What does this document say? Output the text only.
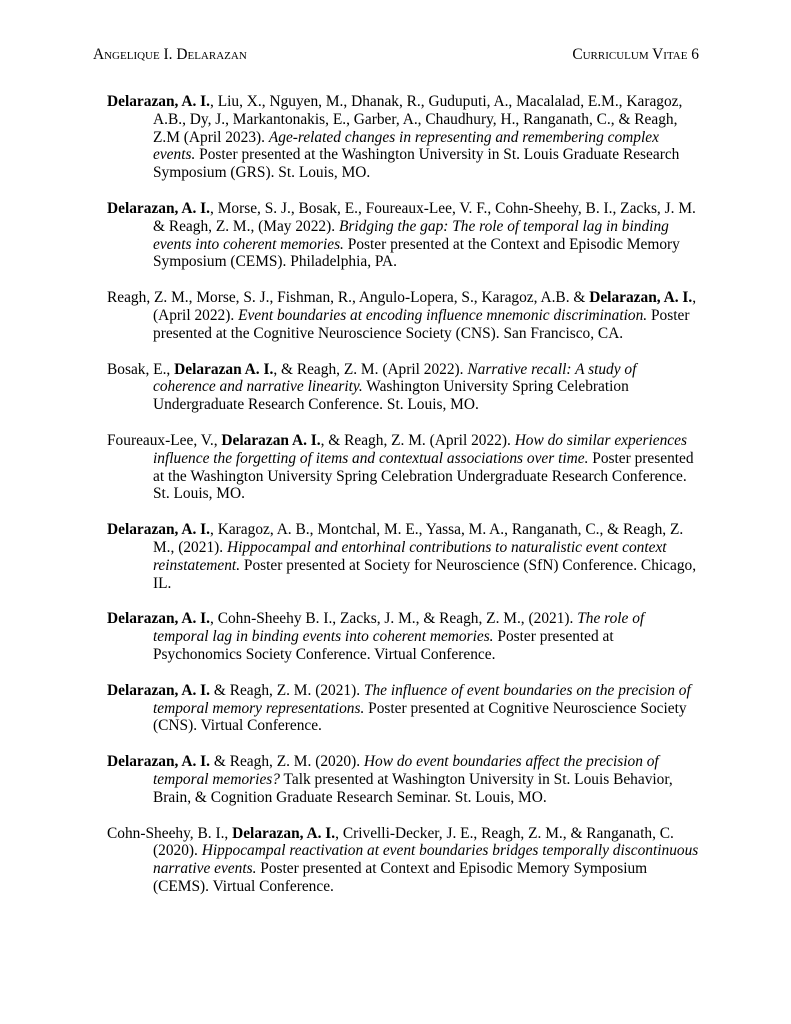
Angelique I. Delarazan	Curriculum Vitae 6

Delarazan, A. I., Liu, X., Nguyen, M., Dhanak, R., Guduputi, A., Macalalad, E.M., Karagoz, A.B., Dy, J., Markantonakis, E., Garber, A., Chaudhury, H., Ranganath, C., & Reagh, Z.M (April 2023). Age-related changes in representing and remembering complex events. Poster presented at the Washington University in St. Louis Graduate Research Symposium (GRS). St. Louis, MO.

Delarazan, A. I., Morse, S. J., Bosak, E., Foureaux-Lee, V. F., Cohn-Sheehy, B. I., Zacks, J. M. & Reagh, Z. M., (May 2022). Bridging the gap: The role of temporal lag in binding events into coherent memories. Poster presented at the Context and Episodic Memory Symposium (CEMS). Philadelphia, PA.

Reagh, Z. M., Morse, S. J., Fishman, R., Angulo-Lopera, S., Karagoz, A.B. & Delarazan, A. I., (April 2022). Event boundaries at encoding influence mnemonic discrimination. Poster presented at the Cognitive Neuroscience Society (CNS). San Francisco, CA.

Bosak, E., Delarazan A. I., & Reagh, Z. M. (April 2022). Narrative recall: A study of coherence and narrative linearity. Washington University Spring Celebration Undergraduate Research Conference. St. Louis, MO.

Foureaux-Lee, V., Delarazan A. I., & Reagh, Z. M. (April 2022). How do similar experiences influence the forgetting of items and contextual associations over time. Poster presented at the Washington University Spring Celebration Undergraduate Research Conference. St. Louis, MO.

Delarazan, A. I., Karagoz, A. B., Montchal, M. E., Yassa, M. A., Ranganath, C., & Reagh, Z. M., (2021). Hippocampal and entorhinal contributions to naturalistic event context reinstatement. Poster presented at Society for Neuroscience (SfN) Conference. Chicago, IL.

Delarazan, A. I., Cohn-Sheehy B. I., Zacks, J. M., & Reagh, Z. M., (2021). The role of temporal lag in binding events into coherent memories. Poster presented at Psychonomics Society Conference. Virtual Conference.

Delarazan, A. I. & Reagh, Z. M. (2021). The influence of event boundaries on the precision of temporal memory representations. Poster presented at Cognitive Neuroscience Society (CNS). Virtual Conference.

Delarazan, A. I. & Reagh, Z. M. (2020). How do event boundaries affect the precision of temporal memories? Talk presented at Washington University in St. Louis Behavior, Brain, & Cognition Graduate Research Seminar. St. Louis, MO.

Cohn-Sheehy, B. I., Delarazan, A. I., Crivelli-Decker, J. E., Reagh, Z. M., & Ranganath, C. (2020). Hippocampal reactivation at event boundaries bridges temporally discontinuous narrative events. Poster presented at Context and Episodic Memory Symposium (CEMS). Virtual Conference.
